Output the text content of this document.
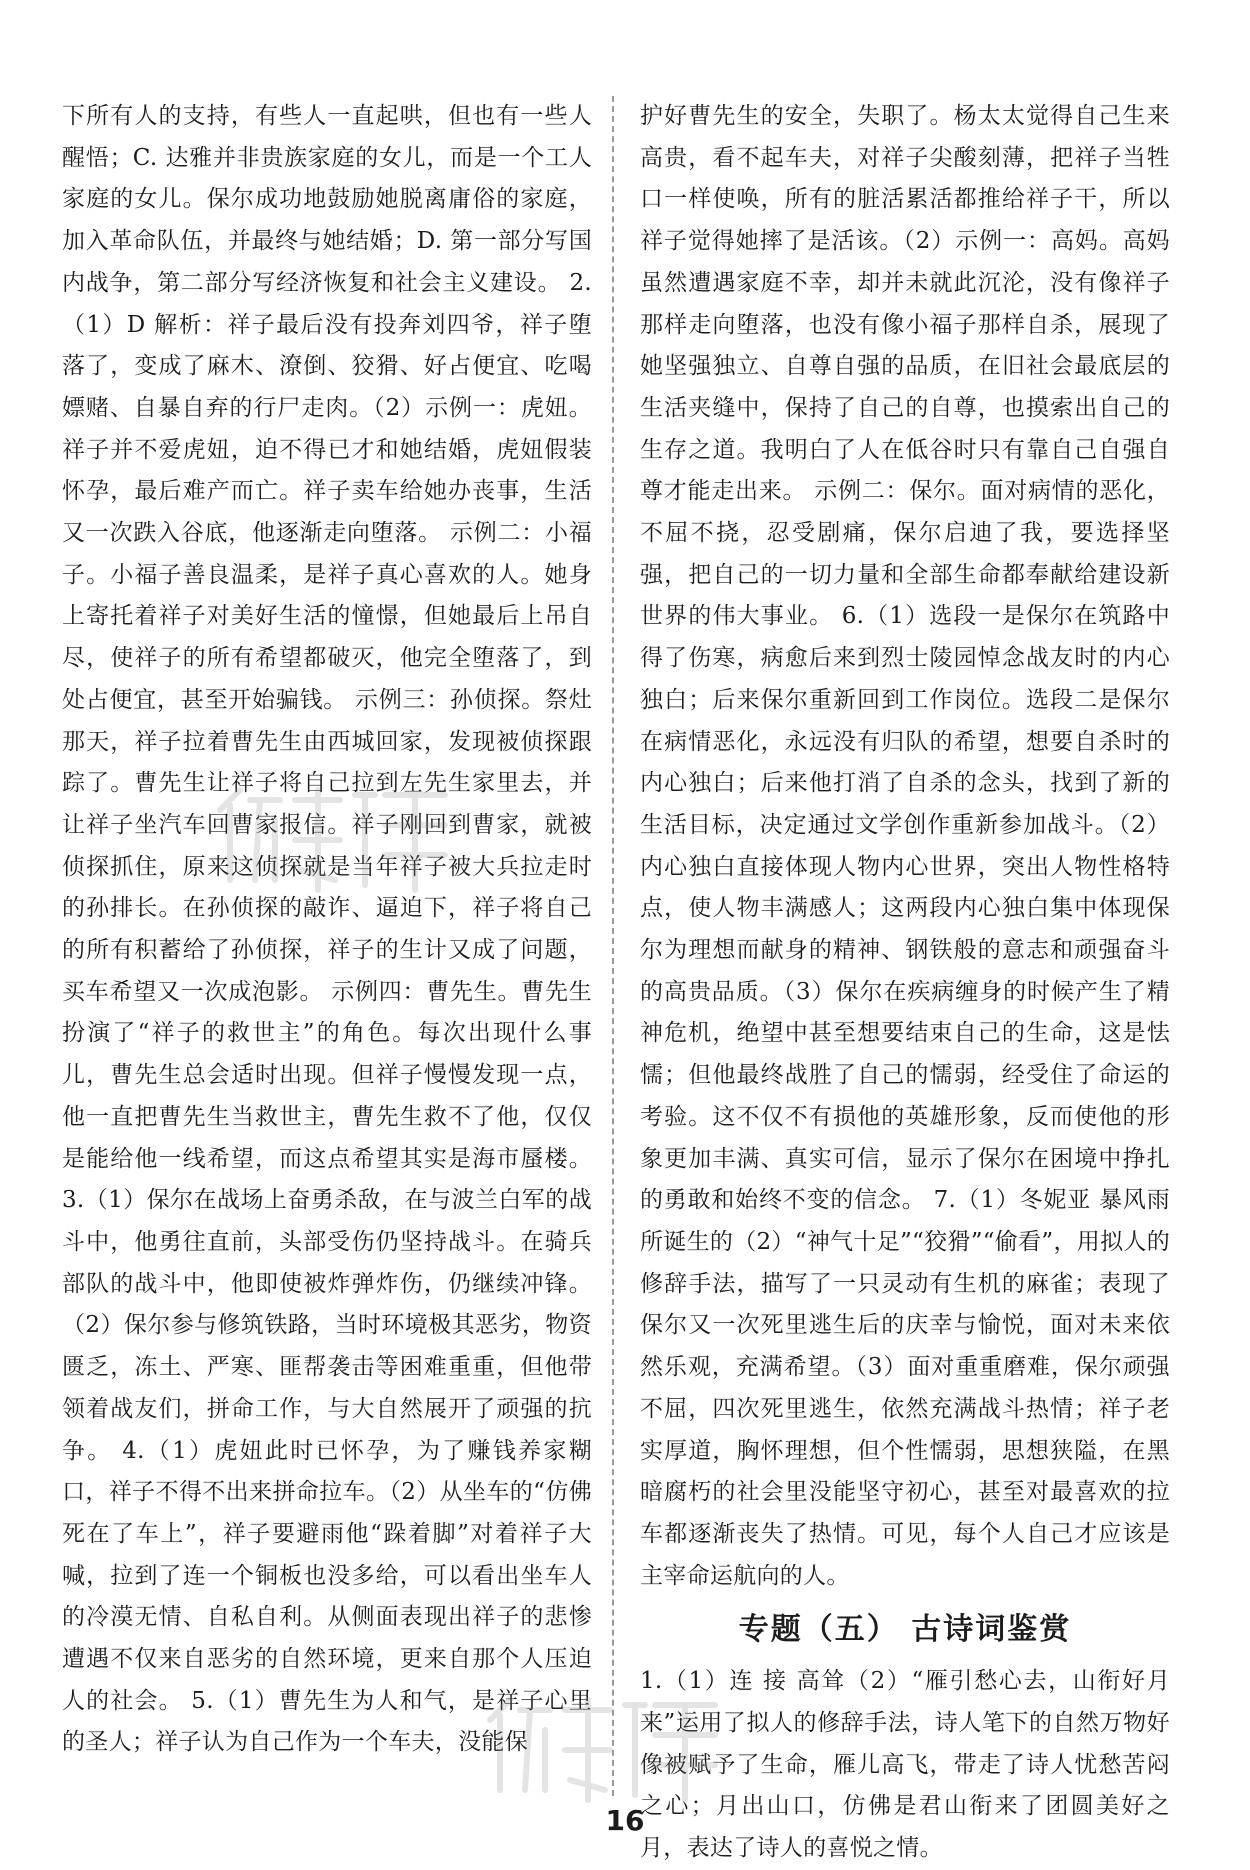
下所有人的支持，有些人一直起哄，但也有一些人醒悟；C. 达雅并非贵族家庭的女儿，而是一个工人家庭的女儿。保尔成功地鼓励她脱离庸俗的家庭，加入革命队伍，并最终与她结婚；D. 第一部分写国内战争，第二部分写经济恢复和社会主义建设。 2.（1）D 解析：祥子最后没有投奔刘四爷，祥子堕落了，变成了麻木、潦倒、狡猾、好占便宜、吃喝嫖赌、自暴自弃的行尸走肉。（2）示例一：虎妞。祥子并不爱虎妞，迫不得已才和她结婚，虎妞假装怀孕，最后难产而亡。祥子卖车给她办丧事，生活又一次跌入谷底，他逐渐走向堕落。 示例二：小福子。小福子善良温柔，是祥子真心喜欢的人。她身上寄托着祥子对美好生活的憧憬，但她最后上吊自尽，使祥子的所有希望都破灭，他完全堕落了，到处占便宜，甚至开始骗钱。 示例三：孙侦探。祭灶那天，祥子拉着曹先生由西城回家，发现被侦探跟踪了。曹先生让祥子将自己拉到左先生家里去，并让祥子坐汽车回曹家报信。祥子刚回到曹家，就被侦探抓住，原来这侦探就是当年祥子被大兵拉走时的孙排长。在孙侦探的敲诈、逼迫下，祥子将自己的所有积蓄给了孙侦探，祥子的生计又成了问题，买车希望又一次成泡影。 示例四：曹先生。曹先生扮演了“祥子的救世主”的角色。每次出现什么事儿，曹先生总会适时出现。但祥子慢慢发现一点，他一直把曹先生当救世主，曹先生救不了他，仅仅是能给他一线希望，而这点希望其实是海市蜃楼。 3.（1）保尔在战场上奋勇杀敌，在与波兰白军的战斗中，他勇往直前，头部受伤仍坚持战斗。在骑兵部队的战斗中，他即使被炸弹炸伤，仍继续冲锋。（2）保尔参与修筑铁路，当时环境极其恶劣，物资匮乏，冻土、严寒、匪帮袭击等困难重重，但他带领着战友们，拼命工作，与大自然展开了顽强的抗争。 4.（1）虎妞此时已怀孕，为了赚钱养家糊口，祥子不得不出来拼命拉车。（2）从坐车的“仿佛死在了车上”，祥子要避雨他“跺着脚”对着祥子大喊，拉到了连一个铜板也没多给，可以看出坐车人的冷漠无情、自私自利。从侧面表现出祥子的悲惨遭遇不仅来自恶劣的自然环境，更来自那个人压迫人的社会。 5.（1）曹先生为人和气，是祥子心里的圣人；祥子认为自己作为一个车夫，没能保

护好曹先生的安全，失职了。杨太太觉得自己生来高贵，看不起车夫，对祥子尖酸刻薄，把祥子当牲口一样使唤，所有的脏活累活都推给祥子干，所以祥子觉得她摔了是活该。（2）示例一：高妈。高妈虽然遭遇家庭不幸，却并未就此沉沦，没有像祥子那样走向堕落，也没有像小福子那样自杀，展现了她坚强独立、自尊自强的品质，在旧社会最底层的生活夹缝中，保持了自己的自尊，也摸索出自己的生存之道。我明白了人在低谷时只有靠自己自强自尊才能走出来。 示例二：保尔。面对病情的恶化，不屈不挠，忍受剧痛，保尔启迪了我，要选择坚强，把自己的一切力量和全部生命都奉献给建设新世界的伟大事业。 6.（1）选段一是保尔在筑路中得了伤寒，病愈后来到烈士陵园悼念战友时的内心独白；后来保尔重新回到工作岗位。选段二是保尔在病情恶化，永远没有归队的希望，想要自杀时的内心独白；后来他打消了自杀的念头，找到了新的生活目标，决定通过文学创作重新参加战斗。（2）内心独白直接体现人物内心世界，突出人物性格特点，使人物丰满感人；这两段内心独白集中体现保尔为理想而献身的精神、钢铁般的意志和顽强奋斗的高贵品质。（3）保尔在疾病缠身的时候产生了精神危机，绝望中甚至想要结束自己的生命，这是怯懦；但他最终战胜了自己的懦弱，经受住了命运的考验。这不仅不有损他的英雄形象，反而使他的形象更加丰满、真实可信，显示了保尔在困境中挣扎的勇敢和始终不变的信念。 7.（1）冬妮亚 暴风雨所诞生的（2）“神气十足”“狡猾”“偷看”，用拟人的修辞手法，描写了一只灵动有生机的麻雀；表现了保尔又一次死里逃生后的庆幸与愉悦，面对未来依然乐观，充满希望。（3）面对重重磨难，保尔顽强不屈，四次死里逃生，依然充满战斗热情；祥子老实厚道，胸怀理想，但个性懦弱，思想狭隘，在黑暗腐朽的社会里没能坚守初心，甚至对最喜欢的拉车都逐渐丧失了热情。可见，每个人自己才应该是主宰命运航向的人。

专题（五） 古诗词鉴赏

1.（1）连 接 高耸（2）“雁引愁心去，山衔好月来”运用了拟人的修辞手法，诗人笔下的自然万物好像被赋予了生命，雁儿高飞，带走了诗人忧愁苦闷之心；月出山口，仿佛是君山衔来了团圆美好之月，表达了诗人的喜悦之情。

16
